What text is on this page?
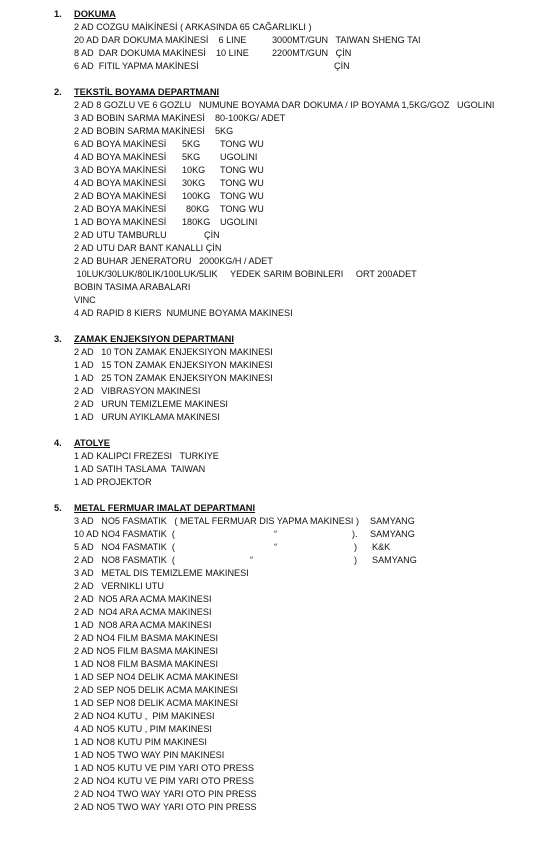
1.	DOKUMA
2 AD COZGU MAİKİNESİ ( ARKASINDA 65 CAĞARLIKLI )
20 AD DAR DOKUMA MAKİNESİ    6 LINE	3000MT/GUN   TAIWAN SHENG TAI
8 AD  DAR DOKUMA MAKİNESİ    10 LINE	2200MT/GUN   ÇİN
6 AD  FITIL YAPMA MAKİNESİ	ÇİN
2.	TEKSTİL BOYAMA DEPARTMANI
2 AD 8 GOZLU VE 6 GOZLU   NUMUNE BOYAMA DAR DOKUMA / IP BOYAMA 1,5KG/GOZ   UGOLINI
3 AD BOBIN SARMA MAKİNESİ    80-100KG/ ADET
2 AD BOBIN SARMA MAKİNESİ    5KG
6 AD BOYA MAKİNESİ 5KG TONG WU
4 AD BOYA MAKİNESİ 5KG UGOLINI
3 AD BOYA MAKİNESİ 10KG TONG WU
4 AD BOYA MAKİNESİ 30KG TONG WU
2 AD BOYA MAKİNESİ 100KG TONG WU
2 AD BOYA MAKİNESİ 80KG TONG WU
1 AD BOYA MAKİNESİ 180KG UGOLINI
2 AD UTU TAMBURLU	ÇİN
2 AD UTU DAR BANT KANALLI ÇİN
2 AD BUHAR JENERATORU   2000KG/H / ADET
10LUK/30LUK/80LIK/100LUK/5LIK     YEDEK SARIM BOBINLERI     ORT 200ADET
BOBIN TASIMA ARABALARI
VINC
4 AD RAPID 8 KIERS  NUMUNE BOYAMA MAKINESI
3.	ZAMAK ENJEKSIYON DEPARTMANI
2 AD   10 TON ZAMAK ENJEKSIYON MAKINESI
1 AD   15 TON ZAMAK ENJEKSIYON MAKINESI
1 AD   25 TON ZAMAK ENJEKSIYON MAKINESI
2 AD   VIBRASYON MAKINESI
2 AD   URUN TEMIZLEME MAKINESI
1 AD   URUN AYIKLAMA MAKINESI
4.	ATOLYE
1 AD KALIPCI FREZESI   TURKIYE
1 AD SATIH TASLAMA  TAIWAN
1 AD PROJEKTOR
5.	METAL FERMUAR IMALAT DEPARTMANI
3 AD   NO5 FASMATIK   ( METAL FERMUAR DIS YAPMA MAKINESI ) SAMYANG
10 AD NO4 FASMATIK  (	“	). SAMYANG
5 AD   NO4 FASMATIK  (	“	) K&K
2 AD   NO8 FASMATIK  (	“	) SAMYANG
3 AD   METAL DIS TEMIZLEME MAKINESI
2 AD   VERNIKLI UTU
2 AD  NO5 ARA ACMA MAKINESI
2 AD  NO4 ARA ACMA MAKINESI
1 AD  NO8 ARA ACMA MAKINESI
2 AD NO4 FILM BASMA MAKINESI
2 AD NO5 FILM BASMA MAKINESI
1 AD NO8 FILM BASMA MAKINESI
1 AD SEP NO4 DELIK ACMA MAKINESI
2 AD SEP NO5 DELIK ACMA MAKINESI
1 AD SEP NO8 DELIK ACMA MAKINESI
2 AD NO4 KUTU ,  PIM MAKINESI
4 AD NO5 KUTU , PIM MAKINESI
1 AD NO8 KUTU PIM MAKINESI
1 AD NO5 TWO WAY PIN MAKINESI
1 AD NO5 KUTU VE PIM YARI OTO PRESS
2 AD NO4 KUTU VE PIM YARI OTO PRESS
2 AD NO4 TWO WAY YARI OTO PIN PRESS
2 AD NO5 TWO WAY YARI OTO PIN PRESS
